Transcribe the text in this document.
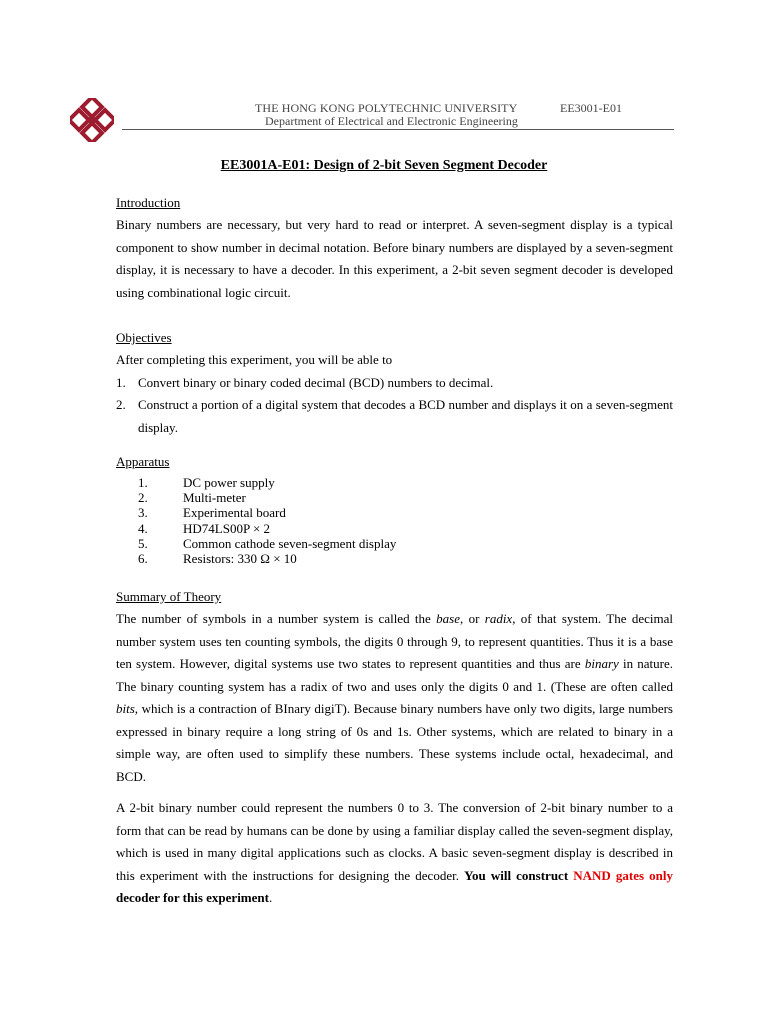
THE HONG KONG POLYTECHNIC UNIVERSITY	EE3001-E01
Department of Electrical and Electronic Engineering
EE3001A-E01: Design of 2-bit Seven Segment Decoder
Introduction
Binary numbers are necessary, but very hard to read or interpret. A seven-segment display is a typical component to show number in decimal notation. Before binary numbers are displayed by a seven-segment display, it is necessary to have a decoder. In this experiment, a 2-bit seven segment decoder is developed using combinational logic circuit.
Objectives
After completing this experiment, you will be able to
1. Convert binary or binary coded decimal (BCD) numbers to decimal.
2. Construct a portion of a digital system that decodes a BCD number and displays it on a seven-segment display.
Apparatus
1.	DC power supply
2.	Multi-meter
3.	Experimental board
4.	HD74LS00P × 2
5.	Common cathode seven-segment display
6.	Resistors: 330 Ω × 10
Summary of Theory
The number of symbols in a number system is called the base, or radix, of that system. The decimal number system uses ten counting symbols, the digits 0 through 9, to represent quantities. Thus it is a base ten system. However, digital systems use two states to represent quantities and thus are binary in nature. The binary counting system has a radix of two and uses only the digits 0 and 1. (These are often called bits, which is a contraction of BInary digiT). Because binary numbers have only two digits, large numbers expressed in binary require a long string of 0s and 1s. Other systems, which are related to binary in a simple way, are often used to simplify these numbers. These systems include octal, hexadecimal, and BCD.
A 2-bit binary number could represent the numbers 0 to 3. The conversion of 2-bit binary number to a form that can be read by humans can be done by using a familiar display called the seven-segment display, which is used in many digital applications such as clocks. A basic seven-segment display is described in this experiment with the instructions for designing the decoder. You will construct NAND gates only decoder for this experiment.
